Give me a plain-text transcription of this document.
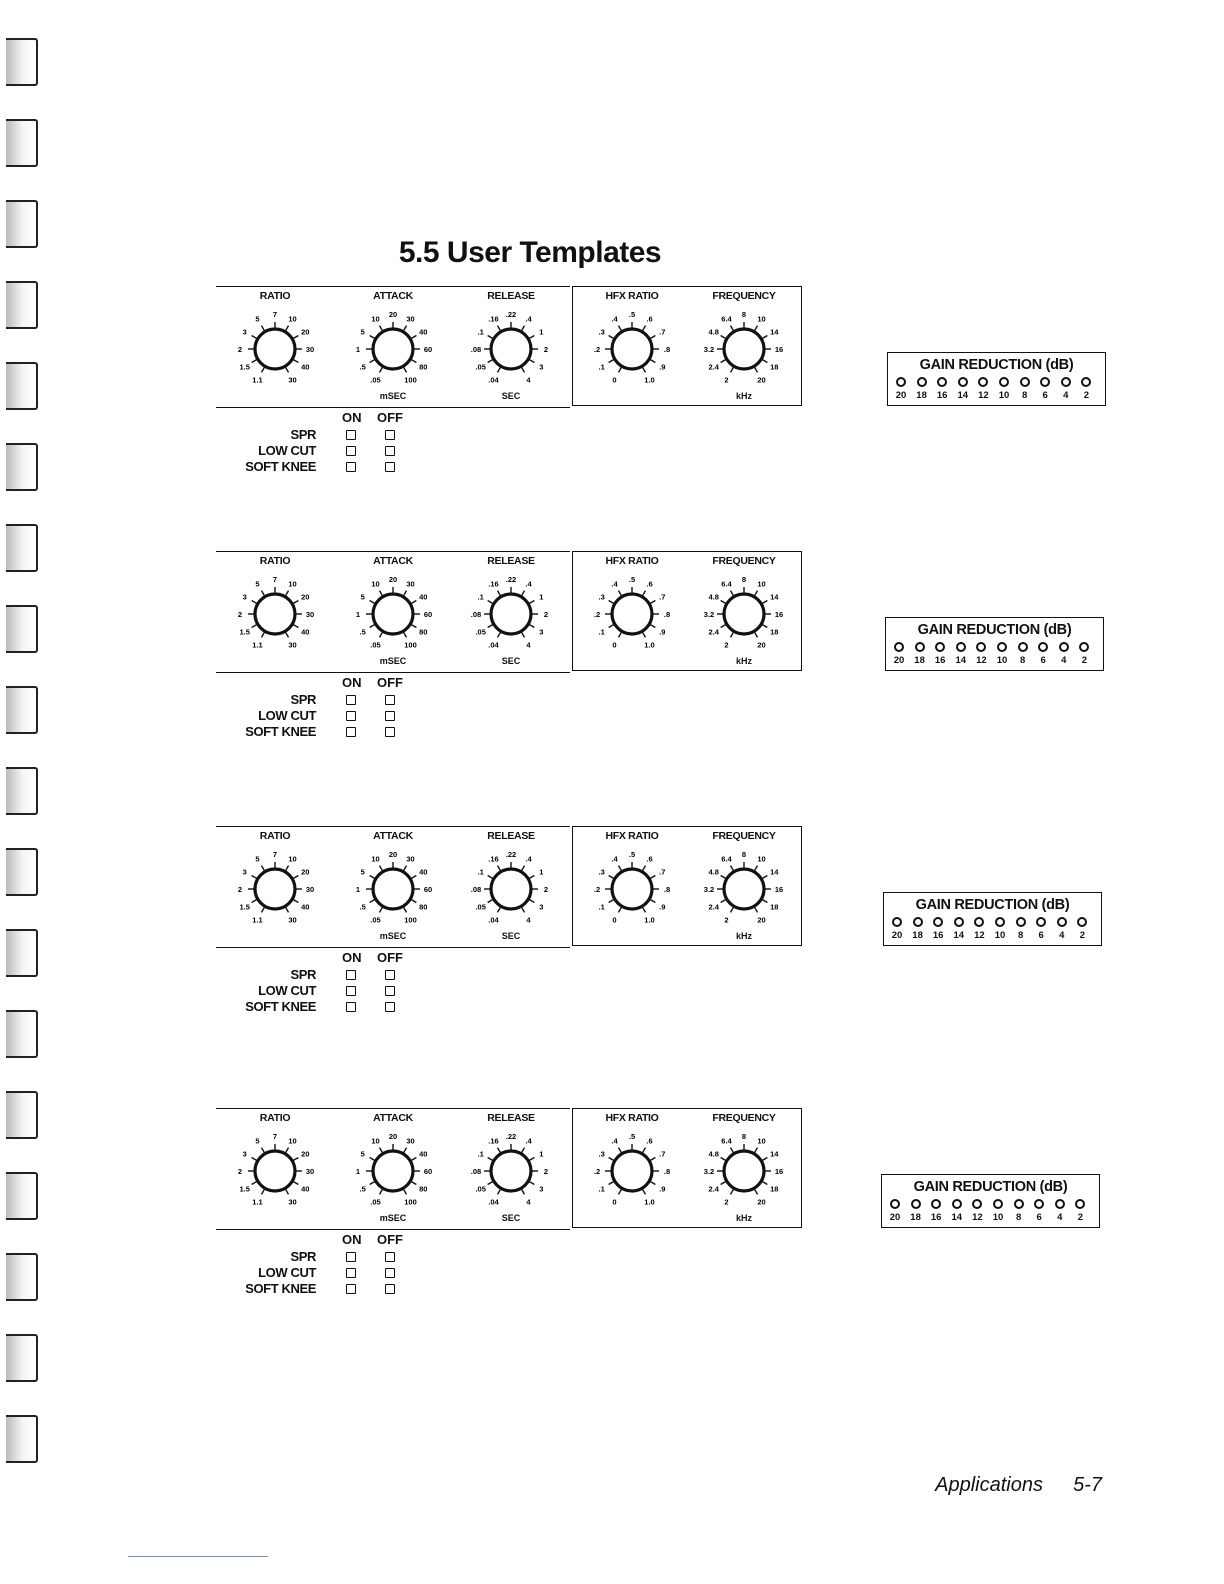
5.5 User Templates
RATIO
5
7
10
20
30
40
30
1.1
1.5
2
3
ATTACK
10
20
30
40
60
80
100
.05
.5
1
5
mSEC
RELEASE
.16
.22
.4
1
2
3
4
.04
.05
.08
.1
SEC
HFX RATIO
.4
.5
.6
.7
.8
.9
1.0
0
.1
.2
.3
FREQUENCY
6.4
8
10
14
16
18
20
2
2.4
3.2
4.8
kHz
ON OFF
SPR
LOW CUT
SOFT KNEE
GAIN REDUCTION (dB)
20	18	16	14	12	10	8	6	4	2
RATIO
5
7
10
20
30
40
30
1.1
1.5
2
3
ATTACK
10
20
30
40
60
80
100
.05
.5
1
5
mSEC
RELEASE
.16
.22
.4
1
2
3
4
.04
.05
.08
.1
SEC
HFX RATIO
.4
.5
.6
.7
.8
.9
1.0
0
.1
.2
.3
FREQUENCY
6.4
8
10
14
16
18
20
2
2.4
3.2
4.8
kHz
ON OFF
SPR
LOW CUT
SOFT KNEE
GAIN REDUCTION (dB)
20	18	16	14	12	10	8	6	4	2
RATIO
5
7
10
20
30
40
30
1.1
1.5
2
3
ATTACK
10
20
30
40
60
80
100
.05
.5
1
5
mSEC
RELEASE
.16
.22
.4
1
2
3
4
.04
.05
.08
.1
SEC
HFX RATIO
.4
.5
.6
.7
.8
.9
1.0
0
.1
.2
.3
FREQUENCY
6.4
8
10
14
16
18
20
2
2.4
3.2
4.8
kHz
ON OFF
SPR
LOW CUT
SOFT KNEE
GAIN REDUCTION (dB)
20	18	16	14	12	10	8	6	4	2
RATIO
5
7
10
20
30
40
30
1.1
1.5
2
3
ATTACK
10
20
30
40
60
80
100
.05
.5
1
5
mSEC
RELEASE
.16
.22
.4
1
2
3
4
.04
.05
.08
.1
SEC
HFX RATIO
.4
.5
.6
.7
.8
.9
1.0
0
.1
.2
.3
FREQUENCY
6.4
8
10
14
16
18
20
2
2.4
3.2
4.8
kHz
ON OFF
SPR
LOW CUT
SOFT KNEE
GAIN REDUCTION (dB)
20	18	16	14	12	10	8	6	4	2
Applications 5-7
